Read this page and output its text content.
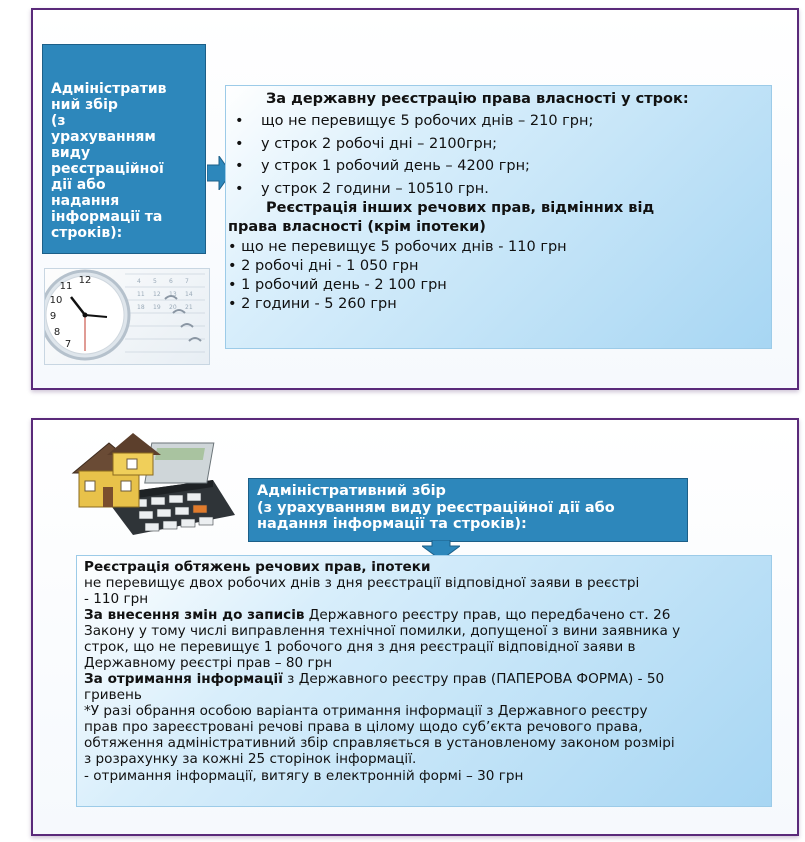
Адміністратив
ний збір
(з
урахуванням
виду
реєстраційної
дії або
надання
інформації та
строків):
4 5 6 7
11 12 13 14
18 19 20 21
12
11
10
9
8
7
За державну реєстрацію права власності у строк:
•	що не перевищує 5 робочих днів – 210 грн;
•	у строк 2 робочі дні – 2100грн;
•	у строк 1 робочий день – 4200 грн;
•	у строк 2 години – 10510 грн.
Реєстрація інших речових прав, відмінних від
права власності (крім іпотеки)
• що не перевищує 5 робочих днів - 110 грн
• 2 робочі дні - 1 050 грн
• 1 робочий день - 2 100 грн
• 2 години - 5 260 грн
Адміністративний збір
(з урахуванням виду реєстраційної дії або
надання інформації та строків):
Реєстрація обтяжень речових прав, іпотеки
не перевищує двох робочих днів з дня реєстрації відповідної заяви в реєстрі
- 110 грн
За внесення змін до записів Державного реєстру прав, що передбачено ст. 26
Закону у тому числі виправлення технічної помилки, допущеної з вини заявника у
строк, що не перевищує 1 робочого дня з дня реєстрації відповідної заяви в
Державному реєстрі прав – 80 грн
За отримання інформації з Державного реєстру прав (ПАПЕРОВА ФОРМА) - 50
гривень
*У разі обрання особою варіанта отримання інформації з Державного реєстру
прав про зареєстровані речові права в цілому щодо суб’єкта речового права,
обтяження адміністративний збір справляється в установленому законом розмірі
з розрахунку за кожні 25 сторінок інформації.
- отримання інформації, витягу в електронній формі – 30 грн
